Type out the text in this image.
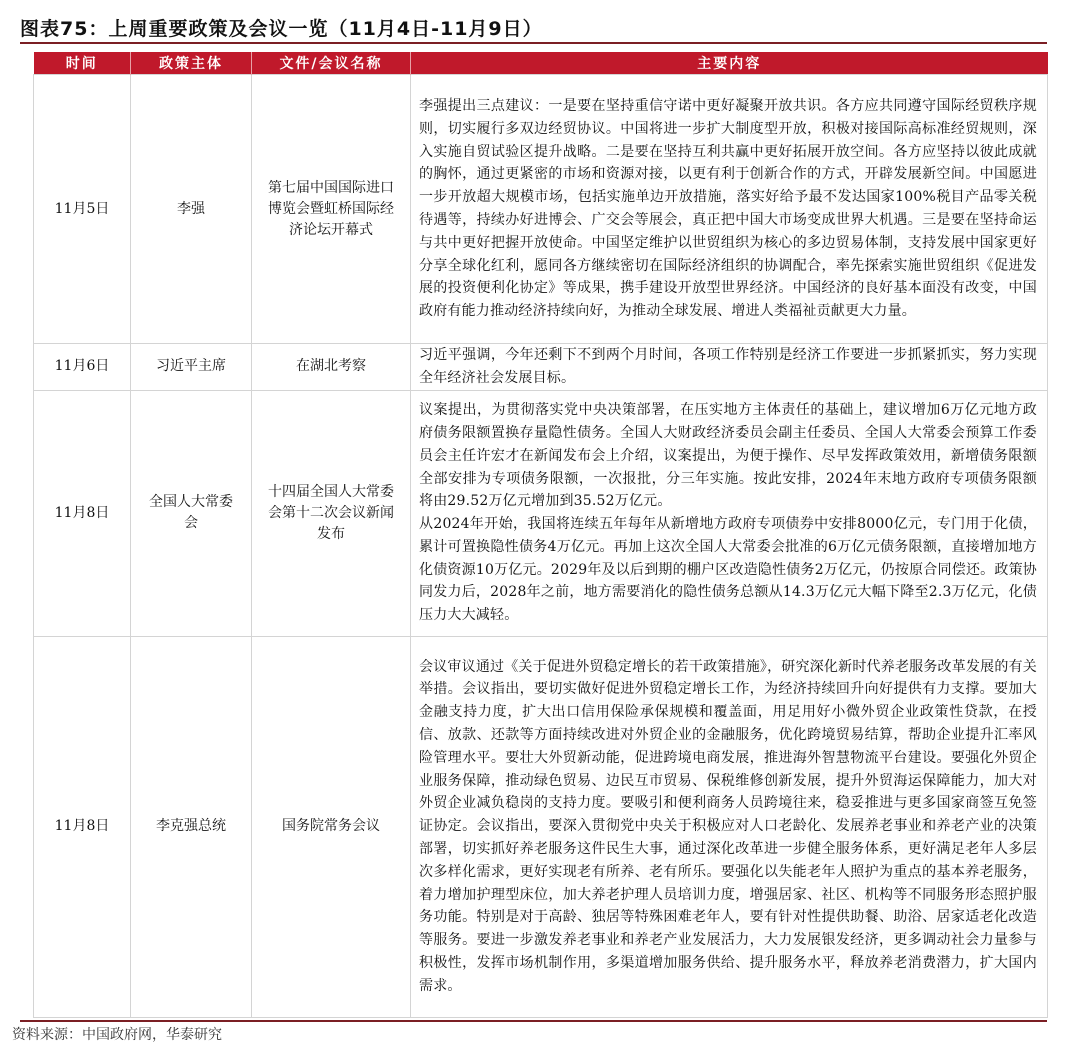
图表75：上周重要政策及会议一览（11月4日-11月9日）
时间	政策主体	文件/会议名称	主要内容
11月5日	李强	第七届中国国际进口博览会暨虹桥国际经济论坛开幕式	李强提出三点建议：一是要在坚持重信守诺中更好凝聚开放共识。各方应共同遵守国际经贸秩序规则，切实履行多双边经贸协议。中国将进一步扩大制度型开放，积极对接国际高标准经贸规则，深入实施自贸试验区提升战略。二是要在坚持互利共赢中更好拓展开放空间。各方应坚持以彼此成就的胸怀，通过更紧密的市场和资源对接，以更有利于创新合作的方式，开辟发展新空间。中国愿进一步开放超大规模市场，包括实施单边开放措施，落实好给予最不发达国家100%税目产品零关税待遇等，持续办好进博会、广交会等展会，真正把中国大市场变成世界大机遇。三是要在坚持命运与共中更好把握开放使命。中国坚定维护以世贸组织为核心的多边贸易体制，支持发展中国家更好分享全球化红利，愿同各方继续密切在国际经济组织的协调配合，率先探索实施世贸组织《促进发展的投资便利化协定》等成果，携手建设开放型世界经济。中国经济的良好基本面没有改变，中国政府有能力推动经济持续向好，为推动全球发展、增进人类福祉贡献更大力量。

11月6日	习近平主席	在湖北考察	习近平强调，今年还剩下不到两个月时间，各项工作特别是经济工作要进一步抓紧抓实，努力实现全年经济社会发展目标。

11月8日	全国人大常委会	十四届全国人大常委会第十二次会议新闻发布	议案提出，为贯彻落实党中央决策部署，在压实地方主体责任的基础上，建议增加6万亿元地方政府债务限额置换存量隐性债务。全国人大财政经济委员会副主任委员、全国人大常委会预算工作委员会主任许宏才在新闻发布会上介绍，议案提出，为便于操作、尽早发挥政策效用，新增债务限额全部安排为专项债务限额，一次报批，分三年实施。按此安排，2024年末地方政府专项债务限额将由29.52万亿元增加到35.52万亿元。

从2024年开始，我国将连续五年每年从新增地方政府专项债券中安排8000亿元，专门用于化债，累计可置换隐性债务4万亿元。再加上这次全国人大常委会批准的6万亿元债务限额，直接增加地方化债资源10万亿元。2029年及以后到期的棚户区改造隐性债务2万亿元，仍按原合同偿还。政策协同发力后，2028年之前，地方需要消化的隐性债务总额从14.3万亿元大幅下降至2.3万亿元，化债压力大大减轻。

11月8日	李克强总统	国务院常务会议	会议审议通过《关于促进外贸稳定增长的若干政策措施》，研究深化新时代养老服务改革发展的有关举措。会议指出，要切实做好促进外贸稳定增长工作，为经济持续回升向好提供有力支撑。要加大金融支持力度，扩大出口信用保险承保规模和覆盖面，用足用好小微外贸企业政策性贷款，在授信、放款、还款等方面持续改进对外贸企业的金融服务，优化跨境贸易结算，帮助企业提升汇率风险管理水平。要壮大外贸新动能，促进跨境电商发展，推进海外智慧物流平台建设。要强化外贸企业服务保障，推动绿色贸易、边民互市贸易、保税维修创新发展，提升外贸海运保障能力，加大对外贸企业减负稳岗的支持力度。要吸引和便利商务人员跨境往来，稳妥推进与更多国家商签互免签证协定。会议指出，要深入贯彻党中央关于积极应对人口老龄化、发展养老事业和养老产业的决策部署，切实抓好养老服务这件民生大事，通过深化改革进一步健全服务体系，更好满足老年人多层次多样化需求，更好实现老有所养、老有所乐。要强化以失能老年人照护为重点的基本养老服务，着力增加护理型床位，加大养老护理人员培训力度，增强居家、社区、机构等不同服务形态照护服务功能。特别是对于高龄、独居等特殊困难老年人，要有针对性提供助餐、助浴、居家适老化改造等服务。要进一步激发养老事业和养老产业发展活力，大力发展银发经济，更多调动社会力量参与积极性，发挥市场机制作用，多渠道增加服务供给、提升服务水平，释放养老消费潜力，扩大国内需求。

资料来源：中国政府网，华泰研究
